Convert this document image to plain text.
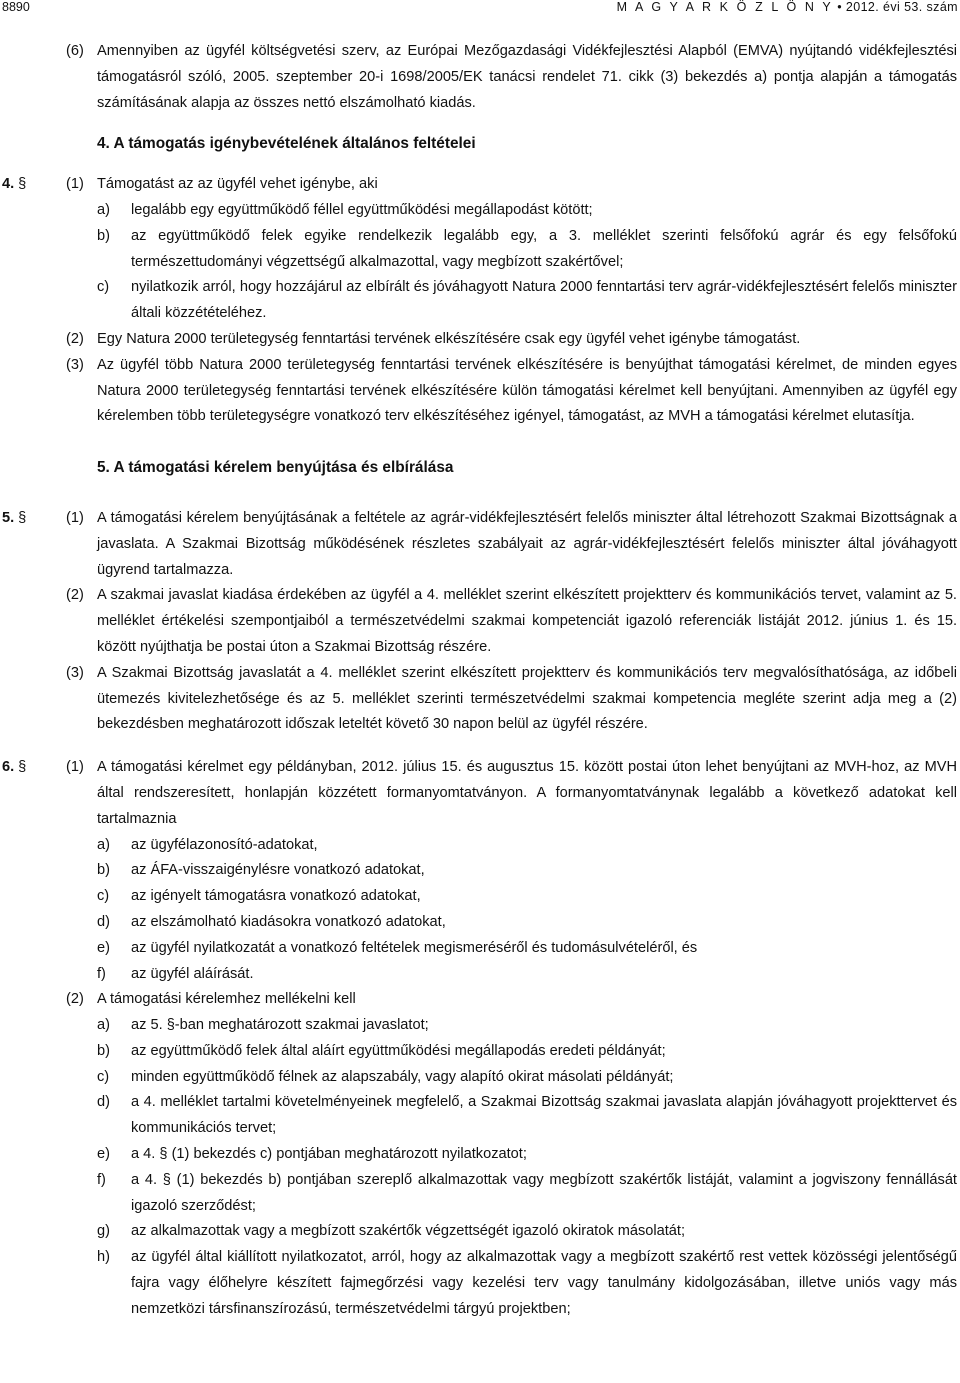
8890	M A G Y A R K Ö Z L Ö N Y • 2012. évi 53. szám
(6) Amennyiben az ügyfél költségvetési szerv, az Európai Mezőgazdasági Vidékfejlesztési Alapból (EMVA) nyújtandó vidékfejlesztési támogatásról szóló, 2005. szeptember 20-i 1698/2005/EK tanácsi rendelet 71. cikk (3) bekezdés a) pontja alapján a támogatás számításának alapja az összes nettó elszámolható kiadás.
4. A támogatás igénybevételének általános feltételei
4. §	(1) Támogatást az az ügyfél vehet igénybe, aki
a) legalább egy együttműködő féllel együttműködési megállapodást kötött;
b) az együttműködő felek egyike rendelkezik legalább egy, a 3. melléklet szerinti felsőfokú agrár és egy felsőfokú természettudományi végzettségű alkalmazottal, vagy megbízott szakértővel;
c) nyilatkozik arról, hogy hozzájárul az elbírált és jóváhagyott Natura 2000 fenntartási terv agrár-vidékfejlesztésért felelős miniszter általi közzétételéhez.
(2) Egy Natura 2000 területegység fenntartási tervének elkészítésére csak egy ügyfél vehet igénybe támogatást.
(3) Az ügyfél több Natura 2000 területegység fenntartási tervének elkészítésére is benyújthat támogatási kérelmet, de minden egyes Natura 2000 területegység fenntartási tervének elkészítésére külön támogatási kérelmet kell benyújtani. Amennyiben az ügyfél egy kérelemben több területegységre vonatkozó terv elkészítéséhez igényel, támogatást, az MVH a támogatási kérelmet elutasítja.
5. A támogatási kérelem benyújtása és elbírálása
5. §	(1) A támogatási kérelem benyújtásának a feltétele az agrár-vidékfejlesztésért felelős miniszter által létrehozott Szakmai Bizottságnak a javaslata. A Szakmai Bizottság működésének részletes szabályait az agrár-vidékfejlesztésért felelős miniszter által jóváhagyott ügyrend tartalmazza.
(2) A szakmai javaslat kiadása érdekében az ügyfél a 4. melléklet szerint elkészített projektterv és kommunikációs tervet, valamint az 5. melléklet értékelési szempontjaiból a természetvédelmi szakmai kompetenciát igazoló referenciák listáját 2012. június 1. és 15. között nyújthatja be postai úton a Szakmai Bizottság részére.
(3) A Szakmai Bizottság javaslatát a 4. melléklet szerint elkészített projektterv és kommunikációs terv megvalósíthatósága, az időbeli ütemezés kivitelezhetősége és az 5. melléklet szerinti természetvédelmi szakmai kompetencia megléte szerint adja meg a (2) bekezdésben meghatározott időszak leteltét követő 30 napon belül az ügyfél részére.
6. §	(1) A támogatási kérelmet egy példányban, 2012. július 15. és augusztus 15. között postai úton lehet benyújtani az MVH-hoz, az MVH által rendszeresített, honlapján közzétett formanyomtatványon. A formanyomtatványnak legalább a következő adatokat kell tartalmaznia
a) az ügyfélazonosító-adatokat,
b) az ÁFA-visszaigénylésre vonatkozó adatokat,
c) az igényelt támogatásra vonatkozó adatokat,
d) az elszámolható kiadásokra vonatkozó adatokat,
e) az ügyfél nyilatkozatát a vonatkozó feltételek megismeréséről és tudomásulvételéről, és
f) az ügyfél aláírását.
(2) A támogatási kérelemhez mellékelni kell
a) az 5. §-ban meghatározott szakmai javaslatot;
b) az együttműködő felek által aláírt együttműködési megállapodás eredeti példányát;
c) minden együttműködő félnek az alapszabály, vagy alapító okirat másolati példányát;
d) a 4. melléklet tartalmi követelményeinek megfelelő, a Szakmai Bizottság szakmai javaslata alapján jóváhagyott projekttervet és kommunikációs tervet;
e) a 4. § (1) bekezdés c) pontjában meghatározott nyilatkozatot;
f) a 4. § (1) bekezdés b) pontjában szereplő alkalmazottak vagy megbízott szakértők listáját, valamint a jogviszony fennállását igazoló szerződést;
g) az alkalmazottak vagy a megbízott szakértők végzettségét igazoló okiratok másolatát;
h) az ügyfél által kiállított nyilatkozatot, arról, hogy az alkalmazottak vagy a megbízott szakértő rest vettek közösségi jelentőségű fajra vagy élőhelyre készített fajmegőrzési vagy kezelési terv vagy tanulmány kidolgozásában, illetve uniós vagy más nemzetközi társfinanszírozású, természetvédelmi tárgyú projektben;
